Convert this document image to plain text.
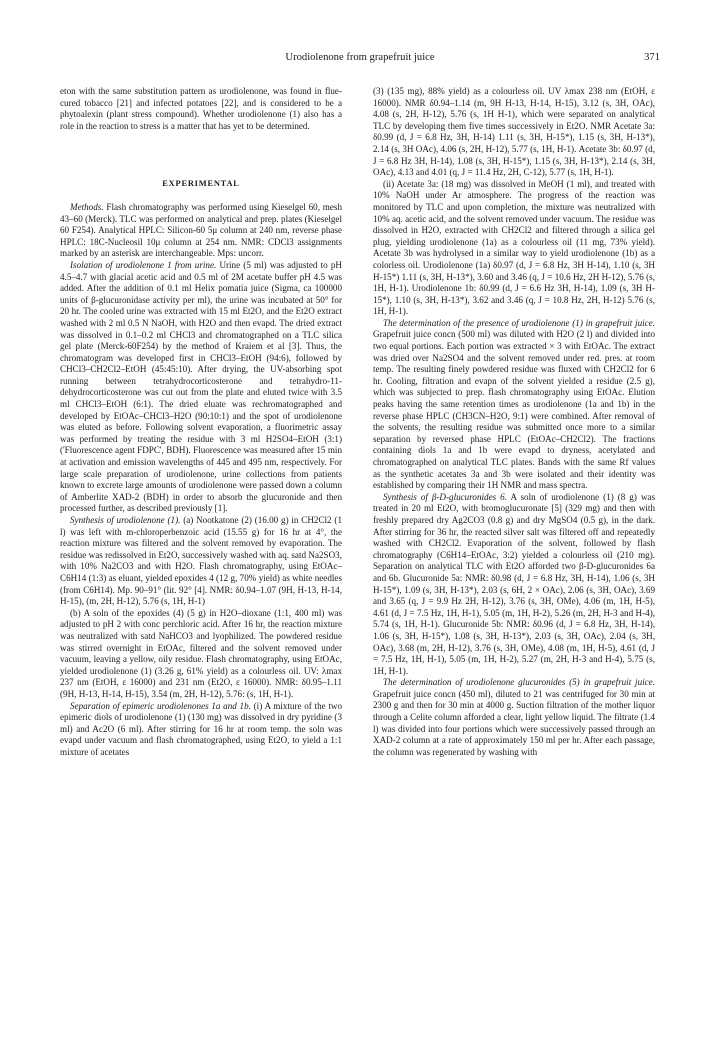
Urodiolenone from grapefruit juice	371

eton with the same substitution pattern as urodiolenone, was found in flue-cured tobacco [21] and infected potatoes [22], and is considered to be a phytoalexin (plant stress compound). Whether urodiolenone (1) also has a role in the reaction to stress is a matter that has yet to be determined.

EXPERIMENTAL

Methods. Flash chromatography was performed using Kieselgel 60, mesh 43–60 (Merck). TLC was performed on analytical and prep. plates (Kieselgel 60 F254). Analytical HPLC: Silicon-60 5μ column at 240 nm, reverse phase HPLC: 18C-Nucleosil 10μ column at 254 nm. NMR: CDCl3 assignments marked by an asterisk are interchangeable. Mps: uncorr.

Isolation of urodiolenone 1 from urine. Urine (5 ml) was adjusted to pH 4.5–4.7 with glacial acetic acid and 0.5 ml of 2M acetate buffer pH 4.5 was added. After the addition of 0.1 ml Helix pomatia juice (Sigma, ca 100000 units of β-glucuronidase activity per ml), the urine was incubated at 50° for 20 hr. The cooled urine was extracted with 15 ml Et2O, and the Et2O extract washed with 2 ml 0.5 N NaOH, with H2O and then evapd. The dried extract was dissolved in 0.1–0.2 ml CHCl3 and chromatographed on a TLC silica gel plate (Merck-60F254) by the method of Kraiem et al [3]. Thus, the chromatogram was developed first in CHCl3–EtOH (94:6), followed by CHCl3–CH2Cl2–EtOH (45:45:10). After drying, the UV-absorbing spot running between tetrahydrocorticosterone and tetrahydro-11-dehydrocorticosterone was cut out from the plate and eluted twice with 3.5 ml CHCl3–EtOH (6:1). The dried eluate was rechromatographed and developed by EtOAc–CHCl3–H2O (90:10:1) and the spot of urodiolenone was eluted as before. Following solvent evaporation, a fluorimetric assay was performed by treating the residue with 3 ml H2SO4–EtOH (3:1) ('Fluorescence agent FDPC', BDH). Fluorescence was measured after 15 min at activation and emission wavelengths of 445 and 495 nm, respectively. For large scale preparation of urodiolenone, urine collections from patients known to excrete large amounts of urodiolenone were passed down a column of Amberlite XAD-2 (BDH) in order to absorb the glucuronide and then processed further, as described previously [1].

Synthesis of urodiolenone (1). (a) Nootkatone (2) (16.00 g) in CH2Cl2 (1 l) was left with m-chloroperbenzoic acid (15.55 g) for 16 hr at 4°, the reaction mixture was filtered and the solvent removed by evaporation. The residue was redissolved in Et2O, successively washed with aq. satd Na2SO3, with 10% Na2CO3 and with H2O. Flash chromatography, using EtOAc–C6H14 (1:3) as eluant, yielded epoxides 4 (12 g, 70% yield) as white needles (from C6H14). Mp. 90–91° (lit. 92° [4]. NMR: δ0.94–1.07 (9H, H-13, H-14, H-15), (m, 2H, H-12), 5.76 (s, 1H, H-1)

(b) A soln of the epoxides (4) (5 g) in H2O–dioxane (1:1, 400 ml) was adjusted to pH 2 with conc perchloric acid. After 16 hr, the reaction mixture was neutralized with satd NaHCO3 and lyophilized. The powdered residue was stirred overnight in EtOAc, filtered and the solvent removed under vacuum, leaving a yellow, oily residue. Flash chromatography, using EtOAc, yielded urodiolenone (1) (3.26 g, 61% yield) as a colourless oil. UV: λmax 237 nm (EtOH, ε 16000) and 231 nm (Et2O, ε 16000). NMR: δ0.95–1.11 (9H, H-13, H-14, H-15), 3.54 (m, 2H, H-12), 5.76: (s, 1H, H-1).

Separation of epimeric urodiolenones 1a and 1b. (i) A mixture of the two epimeric diols of urodiolenone (1) (130 mg) was dissolved in dry pyridine (3 ml) and Ac2O (6 ml). After stirring for 16 hr at room temp. the soln was evapd under vacuum and flash chromatographed, using Et2O, to yield a 1:1 mixture of acetates

(3) (135 mg), 88% yield) as a colourless oil. UV λmax 238 nm (EtOH, ε 16000). NMR δ0.94–1.14 (m, 9H H-13, H-14, H-15), 3.12 (s, 3H, OAc), 4.08 (s, 2H, H-12), 5.76 (s, 1H H-1), which were separated on analytical TLC by developing them five times successively in Et2O. NMR Acetate 3a: δ0.99 (d, J = 6.8 Hz, 3H, H-14) 1.11 (s, 3H, H-15*), 1.15 (s, 3H, H-13*), 2.14 (s, 3H OAc), 4.06 (s, 2H, H-12), 5.77 (s, 1H, H-1). Acetate 3b: δ0.97 (d, J = 6.8 Hz 3H, H-14), 1.08 (s, 3H, H-15*), 1.15 (s, 3H, H-13*), 2.14 (s, 3H, OAc), 4.13 and 4.01 (q, J = 11.4 Hz, 2H, C-12), 5.77 (s, 1H, H-1).

(ii) Acetate 3a: (18 mg) was dissolved in MeOH (1 ml), and treated with 10% NaOH under Ar atmosphere. The progress of the reaction was monitored by TLC and upon completion, the mixture was neutralized with 10% aq. acetic acid, and the solvent removed under vacuum. The residue was dissolved in H2O, extracted with CH2Cl2 and filtered through a silica gel plug, yielding urodiolenone (1a) as a colourless oil (11 mg, 73% yield). Acetate 3b was hydrolysed in a similar way to yield urodiolenone (1b) as a colorless oil. Urodiolenone (1a) δ0.97 (d, J = 6.8 Hz, 3H H-14), 1.10 (s, 3H H-15*) 1.11 (s, 3H, H-13*), 3.60 and 3.46 (q, J = 10.6 Hz, 2H H-12), 5.76 (s, 1H, H-1). Urodiolenone 1b: δ0.99 (d, J = 6.6 Hz 3H, H-14), 1.09 (s, 3H H-15*), 1.10 (s, 3H, H-13*), 3.62 and 3.46 (q, J = 10.8 Hz, 2H, H-12) 5.76 (s, 1H, H-1).

The determination of the presence of urodiolenone (1) in grapefruit juice. Grapefruit juice concn (500 ml) was diluted with H2O (2 l) and divided into two equal portions. Each portion was extracted × 3 with EtOAc. The extract was dried over Na2SO4 and the solvent removed under red. pres. at room temp. The resulting finely powdered residue was fluxed with CH2Cl2 for 6 hr. Cooling, filtration and evapn of the solvent yielded a residue (2.5 g), which was subjected to prep. flash chromatography using EtOAc. Elution peaks having the same retention times as urodiolenone (1a and 1b) in the reverse phase HPLC (CH3CN–H2O, 9:1) were combined. After removal of the solvents, the resulting residue was submitted once more to a similar separation by reversed phase HPLC (EtOAc–CH2Cl2). The fractions containing diols 1a and 1b were evapd to dryness, acetylated and chromatographed on analytical TLC plates. Bands with the same Rf values as the synthetic acetates 3a and 3b were isolated and their identity was established by comparing their 1H NMR and mass spectra.

Synthesis of β-D-glucuronides 6. A soln of urodiolenone (1) (8 g) was treated in 20 ml Et2O, with bromoglucuronate [5] (329 mg) and then with freshly prepared dry Ag2CO3 (0.8 g) and dry MgSO4 (0.5 g), in the dark. After stirring for 36 hr, the reacted silver salt was filtered off and repeatedly washed with CH2Cl2. Evaporation of the solvent, followed by flash chromatography (C6H14–EtOAc, 3:2) yielded a colourless oil (210 mg). Separation on analytical TLC with Et2O afforded two β-D-glucuronides 6a and 6b. Glucuronide 5a: NMR: δ0.98 (d, J = 6.8 Hz, 3H, H-14), 1.06 (s, 3H H-15*), 1.09 (s, 3H, H-13*), 2.03 (s, 6H, 2 × OAc), 2.06 (s, 3H, OAc), 3.69 and 3.65 (q, J = 9.9 Hz 2H, H-12), 3.76 (s, 3H, OMe), 4.06 (m, 1H, H-5), 4.61 (d, J = 7.5 Hz, 1H, H-1), 5.05 (m, 1H, H-2), 5.26 (m, 2H, H-3 and H-4), 5.74 (s, 1H, H-1). Glucuronide 5b: NMR: δ0.96 (d, J = 6.8 Hz, 3H, H-14), 1.06 (s, 3H, H-15*), 1.08 (s, 3H, H-13*), 2.03 (s, 3H, OAc), 2.04 (s, 3H, OAc), 3.68 (m, 2H, H-12), 3.76 (s, 3H, OMe), 4.08 (m, 1H, H-5), 4.61 (d, J = 7.5 Hz, 1H, H-1), 5.05 (m, 1H, H-2), 5.27 (m, 2H, H-3 and H-4), 5.75 (s, 1H, H-1).

The determination of urodiolenone glucuronides (5) in grapefruit juice. Grapefruit juice concn (450 ml), diluted to 21 was centrifuged for 30 min at 2300 g and then for 30 min at 4000 g. Suction filtration of the mother liquor through a Celite column afforded a clear, light yellow liquid. The filtrate (1.4 l) was divided into four portions which were successively passed through an XAD-2 column at a rate of approximately 150 ml per hr. After each passage, the column was regenerated by washing with
